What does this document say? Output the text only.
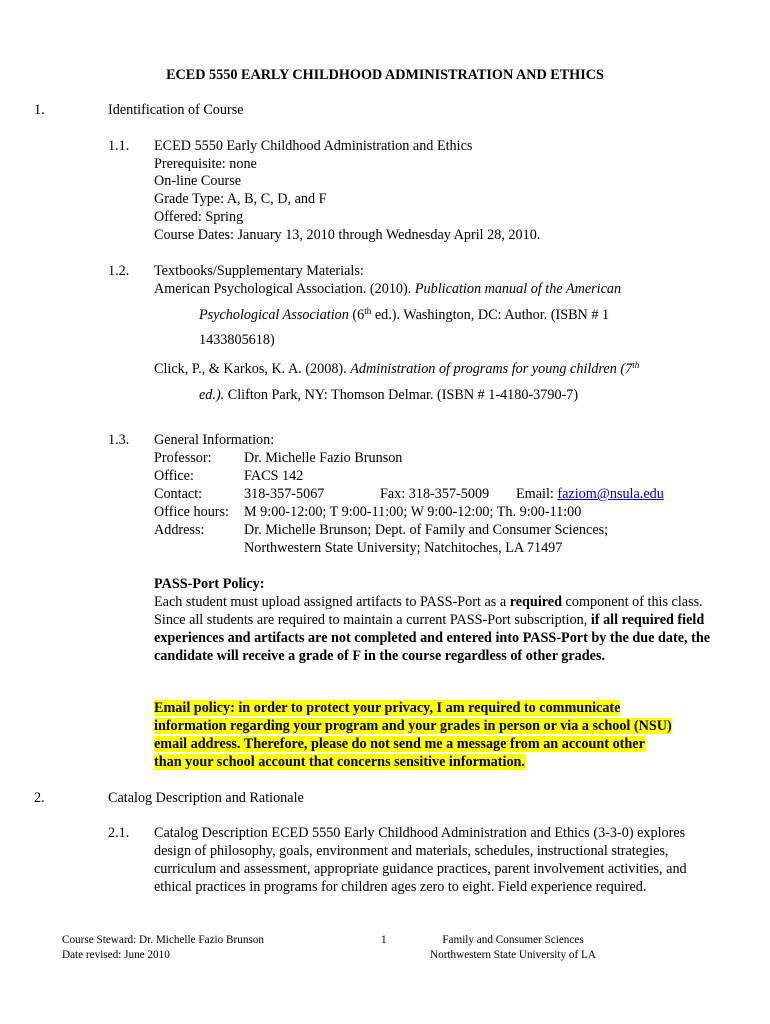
ECED 5550 EARLY CHILDHOOD ADMINISTRATION AND ETHICS
1.	Identification of Course
1.1. ECED 5550 Early Childhood Administration and Ethics
Prerequisite: none
On-line Course
Grade Type: A, B, C, D, and F
Offered: Spring
Course Dates: January 13, 2010 through Wednesday April 28, 2010.
1.2. Textbooks/Supplementary Materials:
American Psychological Association. (2010). Publication manual of the American
Psychological Association (6th ed.). Washington, DC: Author. (ISBN # 1
1433805618)
Click, P., & Karkos, K. A. (2008). Administration of programs for young children (7th
ed.). Clifton Park, NY: Thomson Delmar. (ISBN # 1-4180-3790-7)
1.3. General Information:
Professor: Dr. Michelle Fazio Brunson
Office:	FACS 142
Contact:	318-357-5067	Fax: 318-357-5009 Email: faziom@nsula.edu
Office hours: M 9:00-12:00; T 9:00-11:00; W 9:00-12:00; Th. 9:00-11:00
Address:	Dr. Michelle Brunson; Dept. of Family and Consumer Sciences;
Northwestern State University; Natchitoches, LA 71497
PASS-Port Policy:
Each student must upload assigned artifacts to PASS-Port as a required component of this class. Since all students are required to maintain a current PASS-Port subscription, if all required field experiences and artifacts are not completed and entered into PASS-Port by the due date, the candidate will receive a grade of F in the course regardless of other grades.
Email policy: in order to protect your privacy, I am required to communicate
information regarding your program and your grades in person or via a school (NSU)
email address. Therefore, please do not send me a message from an account other
than your school account that concerns sensitive information.
2.	Catalog Description and Rationale
2.1. Catalog Description ECED 5550 Early Childhood Administration and Ethics (3-3-0) explores design of philosophy, goals, environment and materials, schedules, instructional strategies, curriculum and assessment, appropriate guidance practices, parent involvement activities, and ethical practices in programs for children ages zero to eight. Field experience required.
Course Steward: Dr. Michelle Fazio Brunson
Date revised: June 2010
1	Family and Consumer Sciences
Northwestern State University of LA
